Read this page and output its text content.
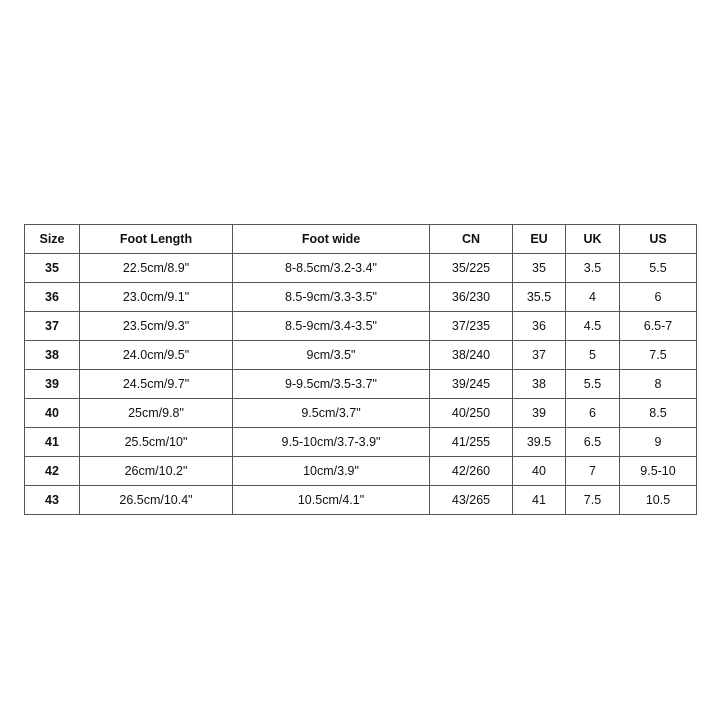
Size	Foot Length	Foot wide	CN	EU	UK	US
35	22.5cm/8.9"	8-8.5cm/3.2-3.4"	35/225	35	3.5	5.5
36	23.0cm/9.1"	8.5-9cm/3.3-3.5"	36/230	35.5	4	6
37	23.5cm/9.3"	8.5-9cm/3.4-3.5"	37/235	36	4.5	6.5-7
38	24.0cm/9.5"	9cm/3.5"	38/240	37	5	7.5
39	24.5cm/9.7"	9-9.5cm/3.5-3.7"	39/245	38	5.5	8
40	25cm/9.8"	9.5cm/3.7"	40/250	39	6	8.5
41	25.5cm/10"	9.5-10cm/3.7-3.9"	41/255	39.5	6.5	9
42	26cm/10.2"	10cm/3.9"	42/260	40	7	9.5-10
43	26.5cm/10.4"	10.5cm/4.1"	43/265	41	7.5	10.5
